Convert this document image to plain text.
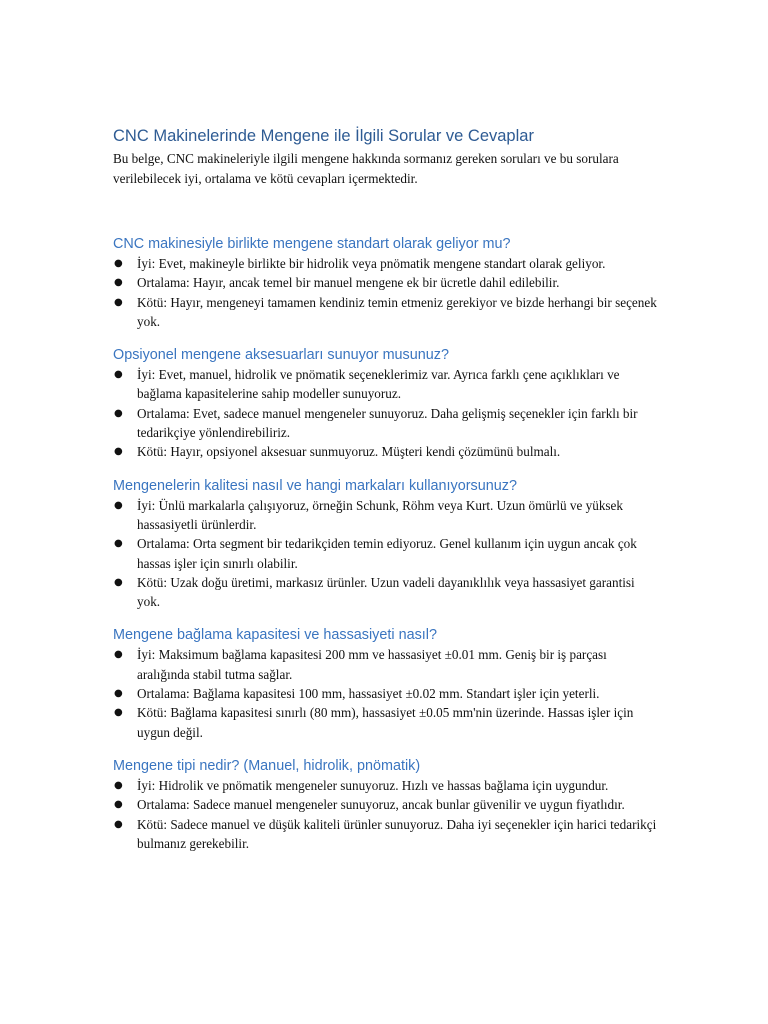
CNC Makinelerinde Mengene ile İlgili Sorular ve Cevaplar

Bu belge, CNC makineleriyle ilgili mengene hakkında sormanız gereken soruları ve bu sorulara verilebilecek iyi, ortalama ve kötü cevapları içermektedir.

CNC makinesiyle birlikte mengene standart olarak geliyor mu?
● İyi: Evet, makineyle birlikte bir hidrolik veya pnömatik mengene standart olarak geliyor.
● Ortalama: Hayır, ancak temel bir manuel mengene ek bir ücretle dahil edilebilir.
● Kötü: Hayır, mengeneyi tamamen kendiniz temin etmeniz gerekiyor ve bizde herhangi bir seçenek yok.
Opsiyonel mengene aksesuarları sunuyor musunuz?
● İyi: Evet, manuel, hidrolik ve pnömatik seçeneklerimiz var. Ayrıca farklı çene açıklıkları ve bağlama kapasitelerine sahip modeller sunuyoruz.
● Ortalama: Evet, sadece manuel mengeneler sunuyoruz. Daha gelişmiş seçenekler için farklı bir tedarikçiye yönlendirebiliriz.
● Kötü: Hayır, opsiyonel aksesuar sunmuyoruz. Müşteri kendi çözümünü bulmalı.
Mengenelerin kalitesi nasıl ve hangi markaları kullanıyorsunuz?
● İyi: Ünlü markalarla çalışıyoruz, örneğin Schunk, Röhm veya Kurt. Uzun ömürlü ve yüksek hassasiyetli ürünlerdir.
● Ortalama: Orta segment bir tedarikçiden temin ediyoruz. Genel kullanım için uygun ancak çok hassas işler için sınırlı olabilir.
● Kötü: Uzak doğu üretimi, markasız ürünler. Uzun vadeli dayanıklılık veya hassasiyet garantisi yok.
Mengene bağlama kapasitesi ve hassasiyeti nasıl?
● İyi: Maksimum bağlama kapasitesi 200 mm ve hassasiyet ±0.01 mm. Geniş bir iş parçası aralığında stabil tutma sağlar.
● Ortalama: Bağlama kapasitesi 100 mm, hassasiyet ±0.02 mm. Standart işler için yeterli.
● Kötü: Bağlama kapasitesi sınırlı (80 mm), hassasiyet ±0.05 mm'nin üzerinde. Hassas işler için uygun değil.
Mengene tipi nedir? (Manuel, hidrolik, pnömatik)
● İyi: Hidrolik ve pnömatik mengeneler sunuyoruz. Hızlı ve hassas bağlama için uygundur.
● Ortalama: Sadece manuel mengeneler sunuyoruz, ancak bunlar güvenilir ve uygun fiyatlıdır.
● Kötü: Sadece manuel ve düşük kaliteli ürünler sunuyoruz. Daha iyi seçenekler için harici tedarikçi bulmanız gerekebilir.
